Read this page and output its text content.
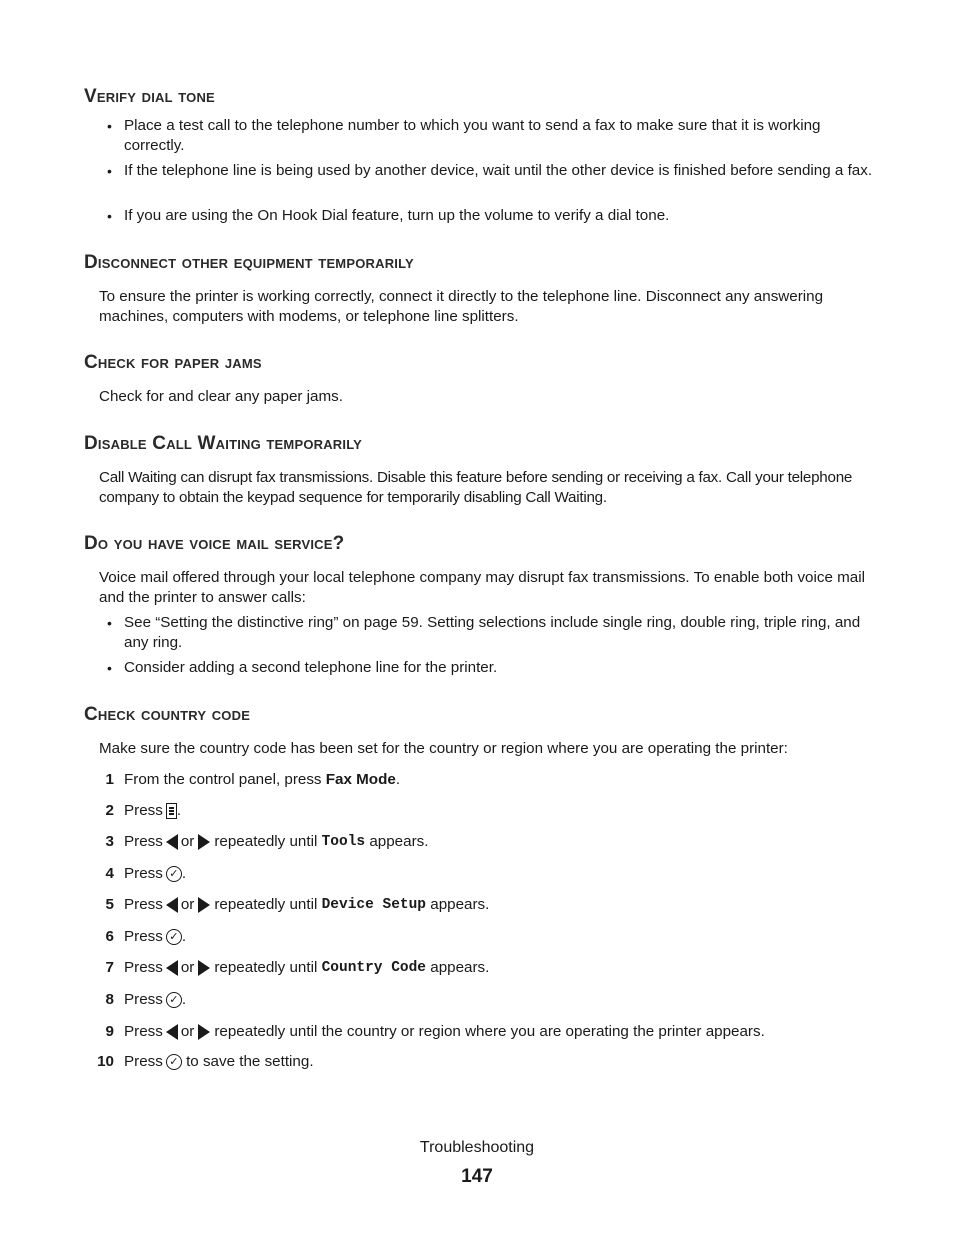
Verify dial tone
• Place a test call to the telephone number to which you want to send a fax to make sure that it is working correctly.

• If the telephone line is being used by another device, wait until the other device is finished before sending a fax.

• If you are using the On Hook Dial feature, turn up the volume to verify a dial tone.

Disconnect other equipment temporarily

To ensure the printer is working correctly, connect it directly to the telephone line. Disconnect any answering machines, computers with modems, or telephone line splitters.

Check for paper jams

Check for and clear any paper jams.

Disable Call Waiting temporarily

Call Waiting can disrupt fax transmissions. Disable this feature before sending or receiving a fax. Call your telephone company to obtain the keypad sequence for temporarily disabling Call Waiting.

Do you have voice mail service?

Voice mail offered through your local telephone company may disrupt fax transmissions. To enable both voice mail and the printer to answer calls:

• See “Setting the distinctive ring” on page 59. Setting selections include single ring, double ring, triple ring, and any ring.

• Consider adding a second telephone line for the printer.

Check country code

Make sure the country code has been set for the country or region where you are operating the printer:

1 From the control panel, press Fax Mode.
2 Press .
3 Press or repeatedly until Tools appears.
4 Press ✓ .
5 Press or repeatedly until Device Setup appears.
6 Press ✓ .
7 Press or repeatedly until Country Code appears.
8 Press ✓ .
9 Press or repeatedly until the country or region where you are operating the printer appears.
10 Press ✓ to save the setting.
Troubleshooting
147
